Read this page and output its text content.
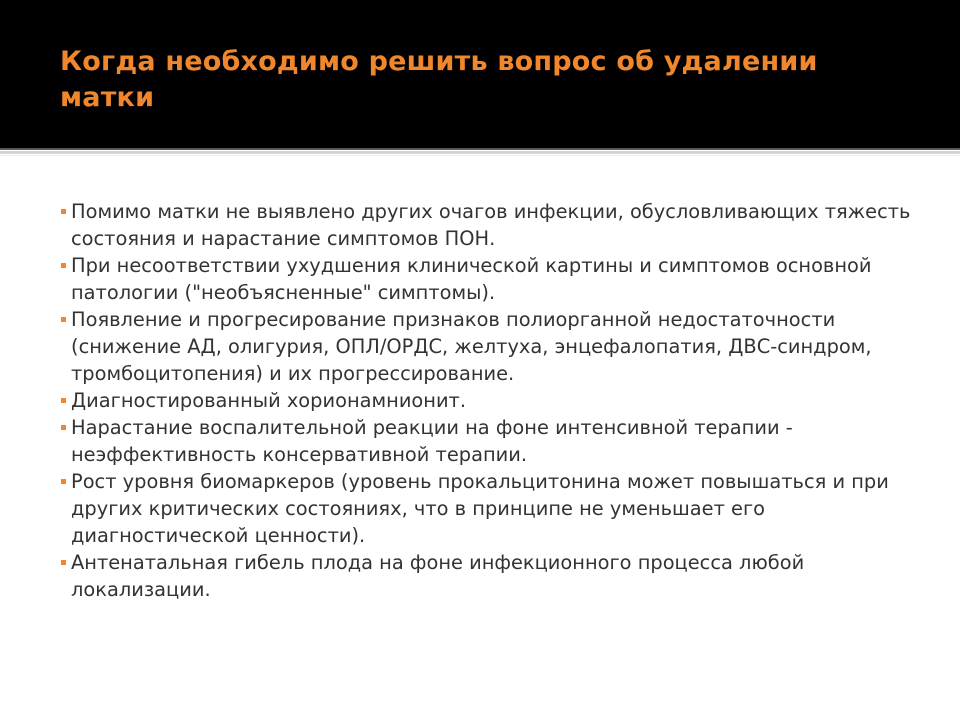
Когда необходимо решить вопрос об удалении матки
Помимо матки не выявлено других очагов инфекции, обусловливающих тяжесть состояния и нарастание симптомов ПОН.
При несоответствии ухудшения клинической картины и симптомов основной патологии ("необъясненные" симптомы).
Появление и прогресирование признаков полиорганной недостаточности (снижение АД, олигурия, ОПЛ/ОРДС, желтуха, энцефалопатия, ДВС-синдром, тромбоцитопения) и их прогрессирование.
Диагностированный хорионамнионит.
Нарастание воспалительной реакции на фоне интенсивной терапии - неэффективность консервативной терапии.
Рост уровня биомаркеров (уровень прокальцитонина может повышаться и при других критических состояниях, что в принципе не уменьшает его диагностической ценности).
Антенатальная гибель плода на фоне инфекционного процесса любой локализации.
